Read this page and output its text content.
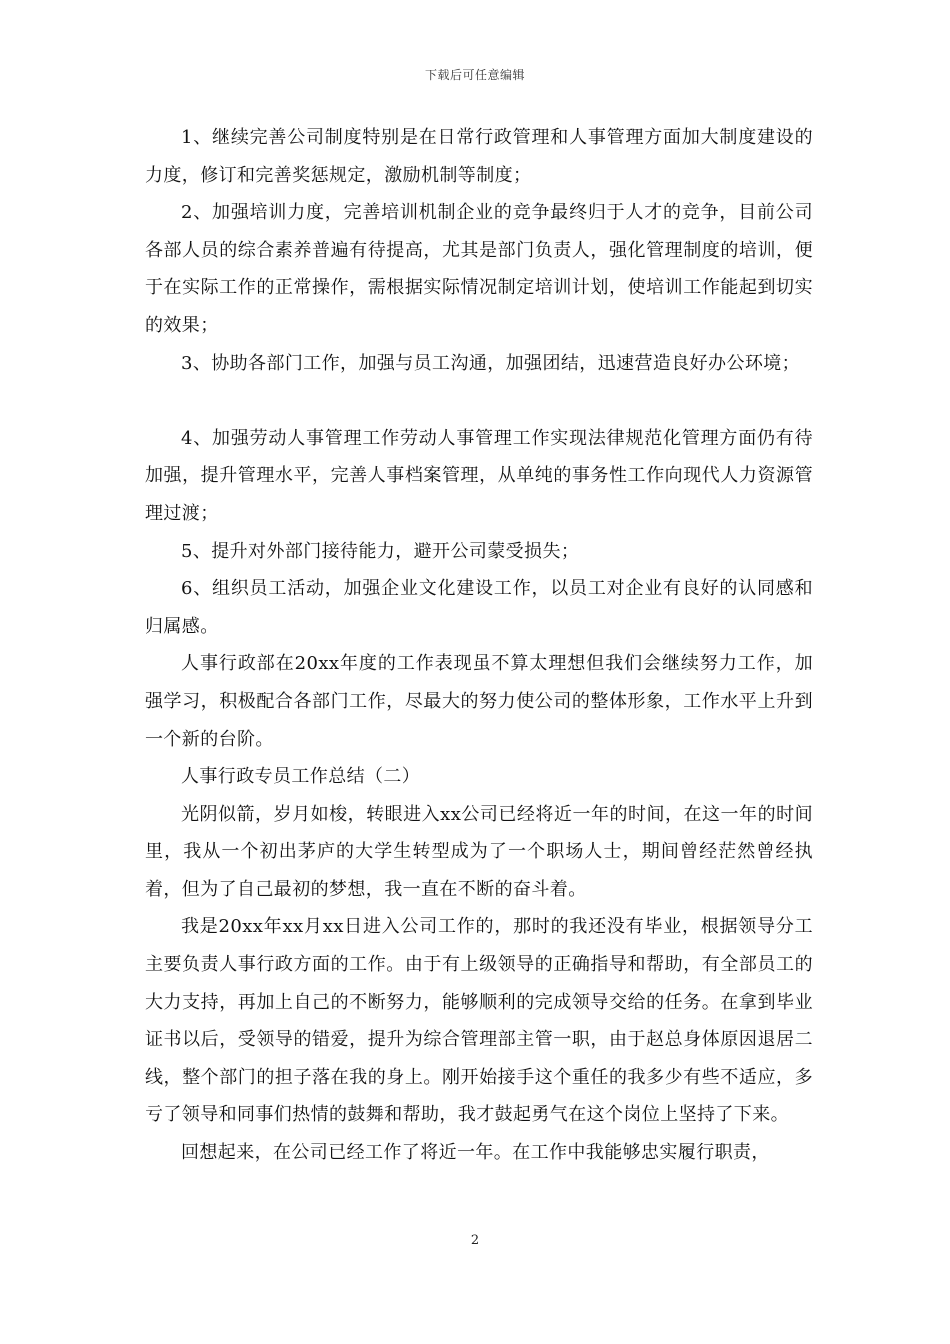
下载后可任意编辑

1、继续完善公司制度特别是在日常行政管理和人事管理方面加大制度建设的力度，修订和完善奖惩规定，激励机制等制度；

2、加强培训力度，完善培训机制企业的竞争最终归于人才的竞争，目前公司各部人员的综合素养普遍有待提高，尤其是部门负责人，强化管理制度的培训，便于在实际工作的正常操作，需根据实际情况制定培训计划，使培训工作能起到切实的效果；

3、协助各部门工作，加强与员工沟通，加强团结，迅速营造良好办公环境；

4、加强劳动人事管理工作劳动人事管理工作实现法律规范化管理方面仍有待加强，提升管理水平，完善人事档案管理，从单纯的事务性工作向现代人力资源管理过渡；

5、提升对外部门接待能力，避开公司蒙受损失；

6、组织员工活动，加强企业文化建设工作，以员工对企业有良好的认同感和归属感。

人事行政部在20xx年度的工作表现虽不算太理想但我们会继续努力工作，加强学习，积极配合各部门工作，尽最大的努力使公司的整体形象，工作水平上升到一个新的台阶。

人事行政专员工作总结（二）

光阴似箭，岁月如梭，转眼进入xx公司已经将近一年的时间，在这一年的时间里，我从一个初出茅庐的大学生转型成为了一个职场人士，期间曾经茫然曾经执着，但为了自己最初的梦想，我一直在不断的奋斗着。

我是20xx年xx月xx日进入公司工作的，那时的我还没有毕业，根据领导分工主要负责人事行政方面的工作。由于有上级领导的正确指导和帮助，有全部员工的大力支持，再加上自己的不断努力，能够顺利的完成领导交给的任务。在拿到毕业证书以后，受领导的错爱，提升为综合管理部主管一职，由于赵总身体原因退居二线，整个部门的担子落在我的身上。刚开始接手这个重任的我多少有些不适应，多亏了领导和同事们热情的鼓舞和帮助，我才鼓起勇气在这个岗位上坚持了下来。

回想起来，在公司已经工作了将近一年。在工作中我能够忠实履行职责，

2
